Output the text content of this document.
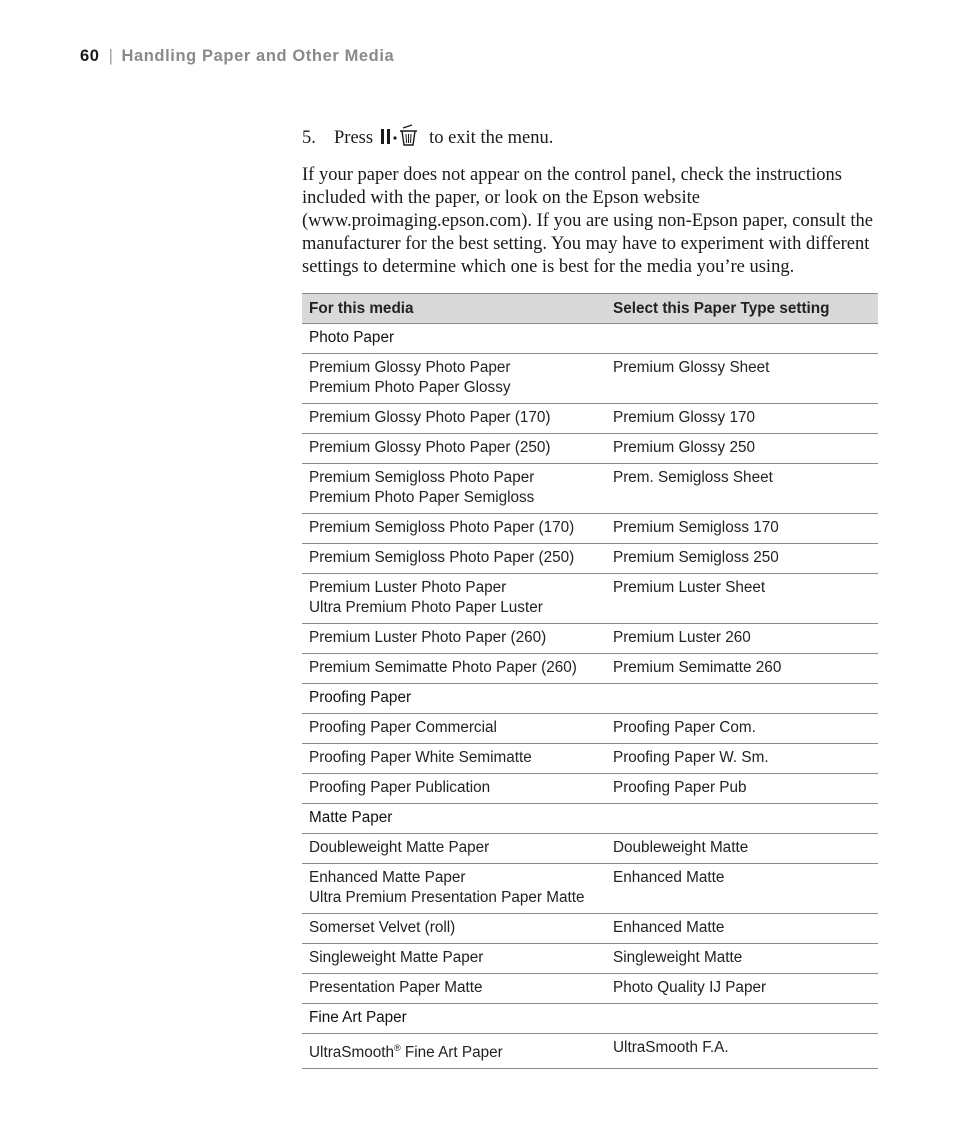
60 | Handling Paper and Other Media
5. Press	to exit the menu.

If your paper does not appear on the control panel, check the instructions included with the paper, or look on the Epson website (www.proimaging.epson.com). If you are using non-Epson paper, consult the manufacturer for the best setting. You may have to experiment with different settings to determine which one is best for the media you’re using.

For this media	Select this Paper Type setting

Photo Paper	

Premium Glossy Photo Paper
Premium Photo Paper Glossy	Premium Glossy Sheet

Premium Glossy Photo Paper (170)	Premium Glossy 170

Premium Glossy Photo Paper (250)	Premium Glossy 250

Premium Semigloss Photo Paper
Premium Photo Paper Semigloss	Prem. Semigloss Sheet

Premium Semigloss Photo Paper (170)	Premium Semigloss 170

Premium Semigloss Photo Paper (250)	Premium Semigloss 250

Premium Luster Photo Paper
Ultra Premium Photo Paper Luster	Premium Luster Sheet

Premium Luster Photo Paper (260)	Premium Luster 260

Premium Semimatte Photo Paper (260)	Premium Semimatte 260

Proofing Paper	

Proofing Paper Commercial	Proofing Paper Com.

Proofing Paper White Semimatte	Proofing Paper W. Sm.

Proofing Paper Publication	Proofing Paper Pub

Matte Paper	

Doubleweight Matte Paper	Doubleweight Matte

Enhanced Matte Paper
Ultra Premium Presentation Paper Matte	Enhanced Matte

Somerset Velvet (roll)	Enhanced Matte

Singleweight Matte Paper	Singleweight Matte

Presentation Paper Matte	Photo Quality IJ Paper

Fine Art Paper	

UltraSmooth® Fine Art Paper	UltraSmooth F.A.
